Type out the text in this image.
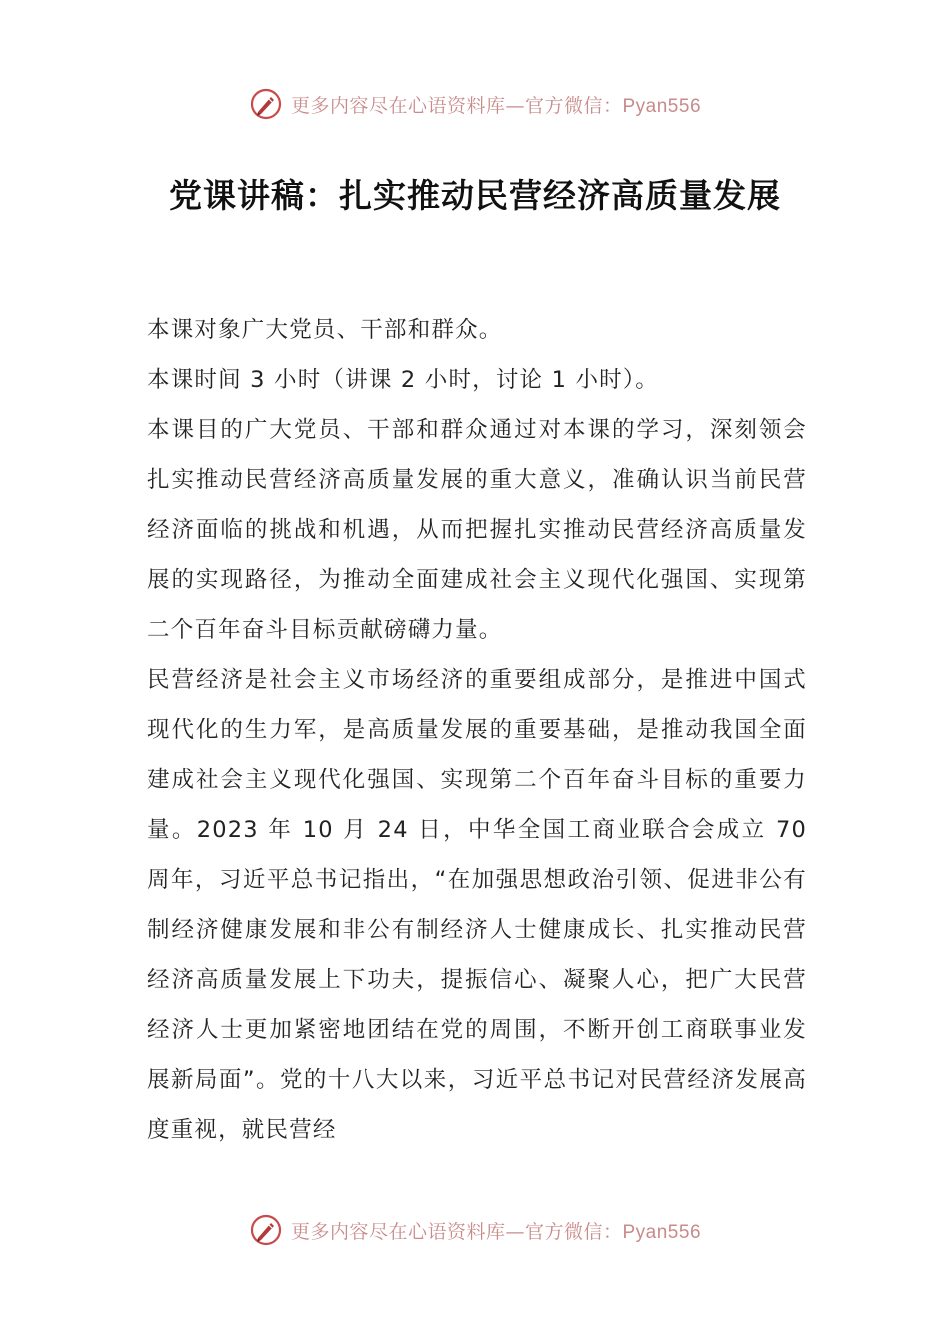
更多内容尽在心语资料库—官方微信：Pyan556
党课讲稿：扎实推动民营经济高质量发展

本课对象广大党员、干部和群众。

本课时间 3 小时（讲课 2 小时，讨论 1 小时）。

本课目的广大党员、干部和群众通过对本课的学习，深刻领会扎实推动民营经济高质量发展的重大意义，准确认识当前民营经济面临的挑战和机遇，从而把握扎实推动民营经济高质量发展的实现路径，为推动全面建成社会主义现代化强国、实现第二个百年奋斗目标贡献磅礴力量。

民营经济是社会主义市场经济的重要组成部分，是推进中国式现代化的生力军，是高质量发展的重要基础，是推动我国全面建成社会主义现代化强国、实现第二个百年奋斗目标的重要力量。2023 年 10 月 24 日，中华全国工商业联合会成立 70 周年，习近平总书记指出，“在加强思想政治引领、促进非公有制经济健康发展和非公有制经济人士健康成长、扎实推动民营经济高质量发展上下功夫，提振信心、凝聚人心，把广大民营经济人士更加紧密地团结在党的周围，不断开创工商联事业发展新局面”。党的十八大以来，习近平总书记对民营经济发展高度重视，就民营经

更多内容尽在心语资料库—官方微信：Pyan556
